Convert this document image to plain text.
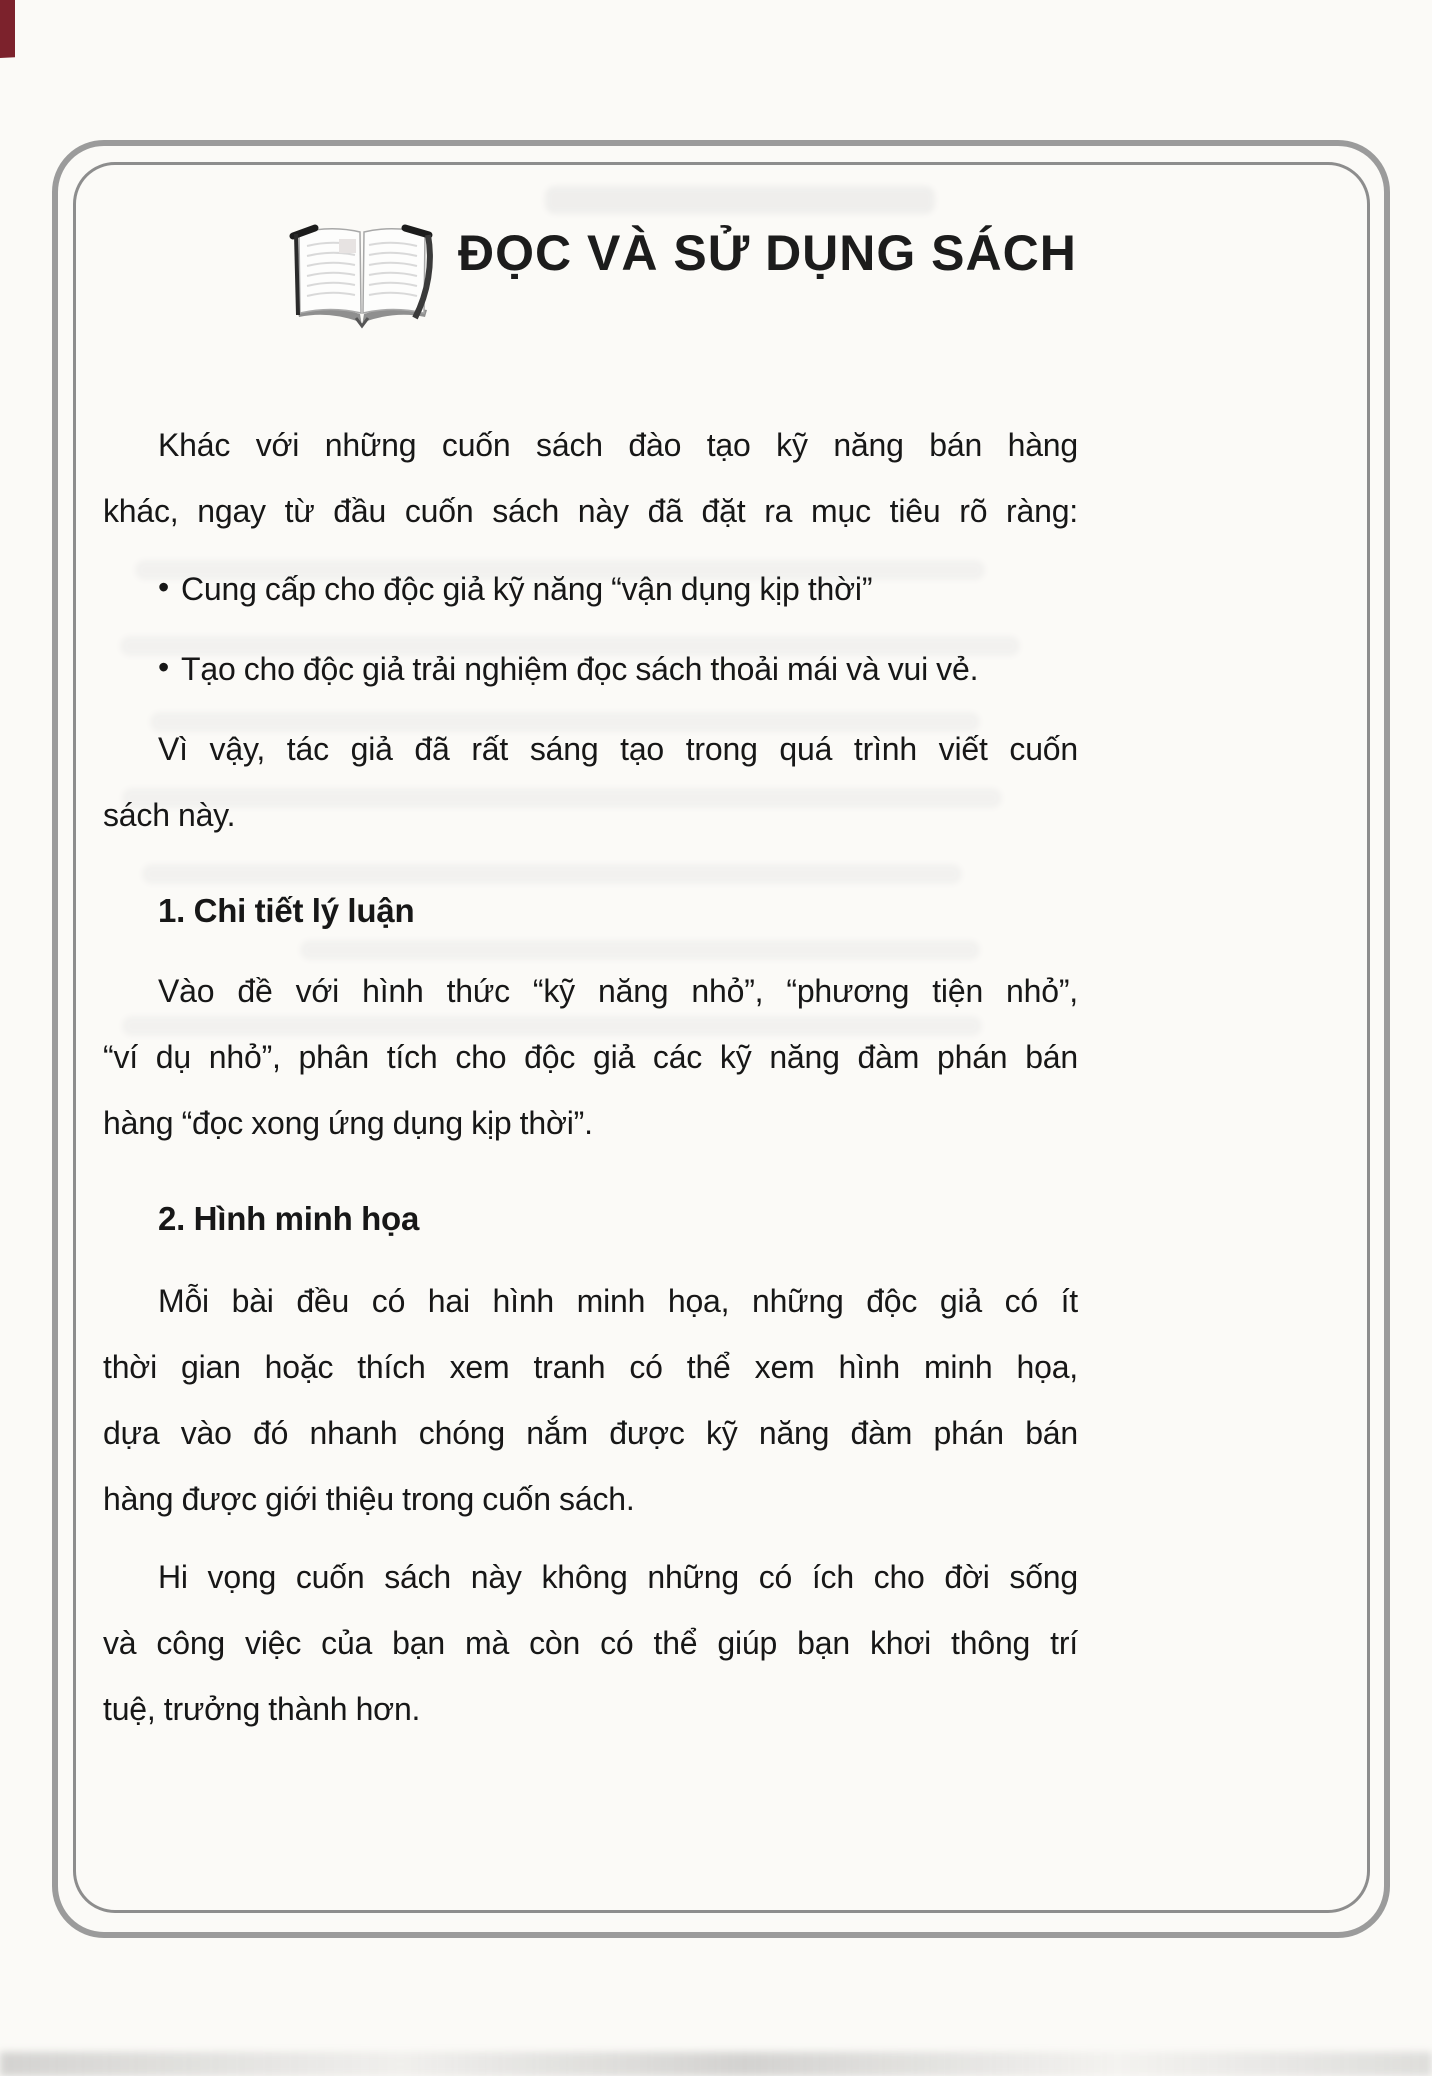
ĐỌC VÀ SỬ DỤNG SÁCH
Khác với những cuốn sách đào tạo kỹ năng bán hàng
khác, ngay từ đầu cuốn sách này đã đặt ra mục tiêu rõ ràng:
• Cung cấp cho độc giả kỹ năng “vận dụng kịp thời”
• Tạo cho độc giả trải nghiệm đọc sách thoải mái và vui vẻ.
Vì vậy, tác giả đã rất sáng tạo trong quá trình viết cuốn
sách này.
1. Chi tiết lý luận
Vào đề với hình thức “kỹ năng nhỏ”, “phương tiện nhỏ”,
“ví dụ nhỏ”, phân tích cho độc giả các kỹ năng đàm phán bán
hàng “đọc xong ứng dụng kịp thời”.
2. Hình minh họa
Mỗi bài đều có hai hình minh họa, những độc giả có ít
thời gian hoặc thích xem tranh có thể xem hình minh họa,
dựa vào đó nhanh chóng nắm được kỹ năng đàm phán bán
hàng được giới thiệu trong cuốn sách.
Hi vọng cuốn sách này không những có ích cho đời sống
và công việc của bạn mà còn có thể giúp bạn khơi thông trí
tuệ, trưởng thành hơn.
